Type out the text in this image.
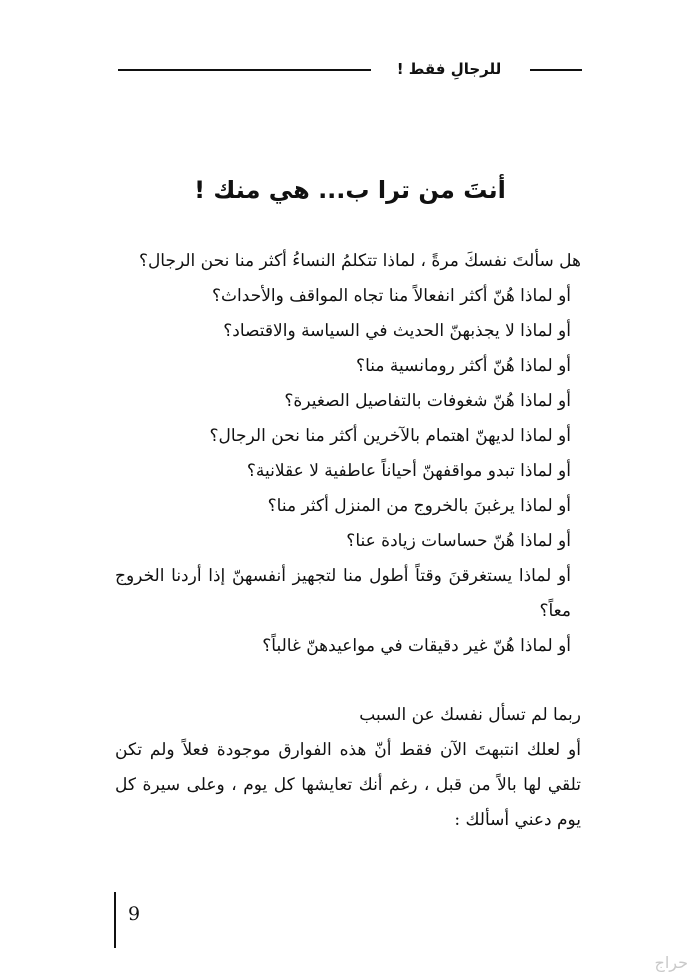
للرجالِ فقط !
أنتَ من ترا ب... هي منك !

هل سألتَ نفسكَ مرةً ، لماذا تتكلمُ النساءُ أكثر منا نحن الرجال؟

أو لماذا هُنّ أكثر انفعالاً منا تجاه المواقف والأحداث؟

أو لماذا لا يجذبهنّ الحديث في السياسة والاقتصاد؟

أو لماذا هُنّ أكثر رومانسية منا؟

أو لماذا هُنّ شغوفات بالتفاصيل الصغيرة؟

أو لماذا لديهنّ اهتمام بالآخرين أكثر منا نحن الرجال؟

أو لماذا تبدو مواقفهنّ أحياناً عاطفية لا عقلانية؟

أو لماذا يرغبنَ بالخروج من المنزل أكثر منا؟

أو لماذا هُنّ حساسات زيادة عنا؟

أو لماذا يستغرقنَ وقتاً أطول منا لتجهيز أنفسهنّ إذا أردنا الخروج معاً؟

أو لماذا هُنّ غير دقيقات في مواعيدهنّ غالباً؟

ربما لم تسأل نفسك عن السبب

أو لعلك انتبهتَ الآن فقط أنّ هذه الفوارق موجودة فعلاً ولم تكن تلقي لها بالاً من قبل ، رغم أنك تعايشها كل يوم ، وعلى سيرة كل يوم دعني أسألك :

9
حراج
